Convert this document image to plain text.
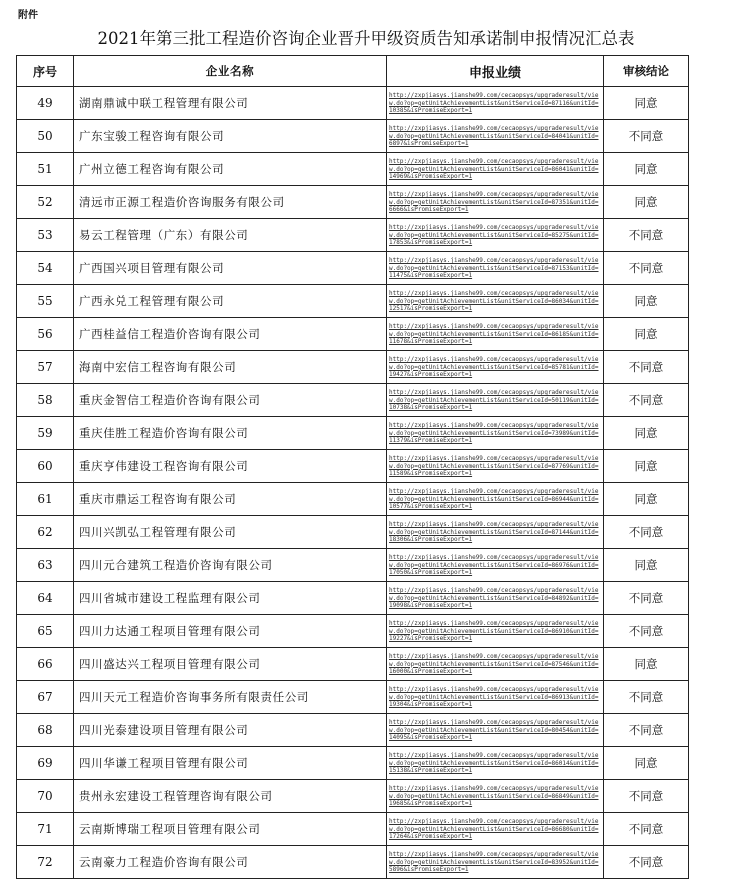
附件
2021年第三批工程造价咨询企业晋升甲级资质告知承诺制申报情况汇总表
序号	企业名称	申报业绩	审核结论
49	湖南鼎诚中联工程管理有限公司	http://zxpjiasys.jianshe99.com/cecaopsys/upgraderesult/view.do?op=getUnitAchievementList&unitServiceId=87116&unitId=10385&isPromiseExport=1	同意
50	广东宝骏工程咨询有限公司	http://zxpjiasys.jianshe99.com/cecaopsys/upgraderesult/view.do?op=getUnitAchievementList&unitServiceId=84041&unitId=6897&isPromiseExport=1	不同意
51	广州立德工程咨询有限公司	http://zxpjiasys.jianshe99.com/cecaopsys/upgraderesult/view.do?op=getUnitAchievementList&unitServiceId=86041&unitId=14969&isPromiseExport=1	同意
52	清远市正源工程造价咨询服务有限公司	http://zxpjiasys.jianshe99.com/cecaopsys/upgraderesult/view.do?op=getUnitAchievementList&unitServiceId=87351&unitId=6666&isPromiseExport=1	同意
53	易云工程管理（广东）有限公司	http://zxpjiasys.jianshe99.com/cecaopsys/upgraderesult/view.do?op=getUnitAchievementList&unitServiceId=85275&unitId=17853&isPromiseExport=1	不同意
54	广西国兴项目管理有限公司	http://zxpjiasys.jianshe99.com/cecaopsys/upgraderesult/view.do?op=getUnitAchievementList&unitServiceId=87153&unitId=11475&isPromiseExport=1	不同意
55	广西永兑工程管理有限公司	http://zxpjiasys.jianshe99.com/cecaopsys/upgraderesult/view.do?op=getUnitAchievementList&unitServiceId=86034&unitId=12517&isPromiseExport=1	同意
56	广西桂益信工程造价咨询有限公司	http://zxpjiasys.jianshe99.com/cecaopsys/upgraderesult/view.do?op=getUnitAchievementList&unitServiceId=86185&unitId=11678&isPromiseExport=1	同意
57	海南中宏信工程咨询有限公司	http://zxpjiasys.jianshe99.com/cecaopsys/upgraderesult/view.do?op=getUnitAchievementList&unitServiceId=85781&unitId=19427&isPromiseExport=1	不同意
58	重庆金智信工程造价咨询有限公司	http://zxpjiasys.jianshe99.com/cecaopsys/upgraderesult/view.do?op=getUnitAchievementList&unitServiceId=50119&unitId=10738&isPromiseExport=1	不同意
59	重庆佳胜工程造价咨询有限公司	http://zxpjiasys.jianshe99.com/cecaopsys/upgraderesult/view.do?op=getUnitAchievementList&unitServiceId=73989&unitId=11379&isPromiseExport=1	同意
60	重庆亨伟建设工程咨询有限公司	http://zxpjiasys.jianshe99.com/cecaopsys/upgraderesult/view.do?op=getUnitAchievementList&unitServiceId=87769&unitId=11589&isPromiseExport=1	同意
61	重庆市鼎运工程咨询有限公司	http://zxpjiasys.jianshe99.com/cecaopsys/upgraderesult/view.do?op=getUnitAchievementList&unitServiceId=86944&unitId=10577&isPromiseExport=1	同意
62	四川兴凯弘工程管理有限公司	http://zxpjiasys.jianshe99.com/cecaopsys/upgraderesult/view.do?op=getUnitAchievementList&unitServiceId=87144&unitId=18306&isPromiseExport=1	不同意
63	四川元合建筑工程造价咨询有限公司	http://zxpjiasys.jianshe99.com/cecaopsys/upgraderesult/view.do?op=getUnitAchievementList&unitServiceId=86976&unitId=17050&isPromiseExport=1	同意
64	四川省城市建设工程监理有限公司	http://zxpjiasys.jianshe99.com/cecaopsys/upgraderesult/view.do?op=getUnitAchievementList&unitServiceId=84892&unitId=19098&isPromiseExport=1	不同意
65	四川力达通工程项目管理有限公司	http://zxpjiasys.jianshe99.com/cecaopsys/upgraderesult/view.do?op=getUnitAchievementList&unitServiceId=86910&unitId=19227&isPromiseExport=1	不同意
66	四川盛达兴工程项目管理有限公司	http://zxpjiasys.jianshe99.com/cecaopsys/upgraderesult/view.do?op=getUnitAchievementList&unitServiceId=87546&unitId=16000&isPromiseExport=1	同意
67	四川天元工程造价咨询事务所有限责任公司	http://zxpjiasys.jianshe99.com/cecaopsys/upgraderesult/view.do?op=getUnitAchievementList&unitServiceId=86913&unitId=19304&isPromiseExport=1	不同意
68	四川光泰建设项目管理有限公司	http://zxpjiasys.jianshe99.com/cecaopsys/upgraderesult/view.do?op=getUnitAchievementList&unitServiceId=80454&unitId=14095&isPromiseExport=1	不同意
69	四川华谦工程项目管理有限公司	http://zxpjiasys.jianshe99.com/cecaopsys/upgraderesult/view.do?op=getUnitAchievementList&unitServiceId=86014&unitId=15138&isPromiseExport=1	同意
70	贵州永宏建设工程管理咨询有限公司	http://zxpjiasys.jianshe99.com/cecaopsys/upgraderesult/view.do?op=getUnitAchievementList&unitServiceId=86849&unitId=19685&isPromiseExport=1	不同意
71	云南斯博瑞工程项目管理有限公司	http://zxpjiasys.jianshe99.com/cecaopsys/upgraderesult/view.do?op=getUnitAchievementList&unitServiceId=86680&unitId=17264&isPromiseExport=1	不同意
72	云南豪力工程造价咨询有限公司	http://zxpjiasys.jianshe99.com/cecaopsys/upgraderesult/view.do?op=getUnitAchievementList&unitServiceId=83952&unitId=5896&isPromiseExport=1	不同意
